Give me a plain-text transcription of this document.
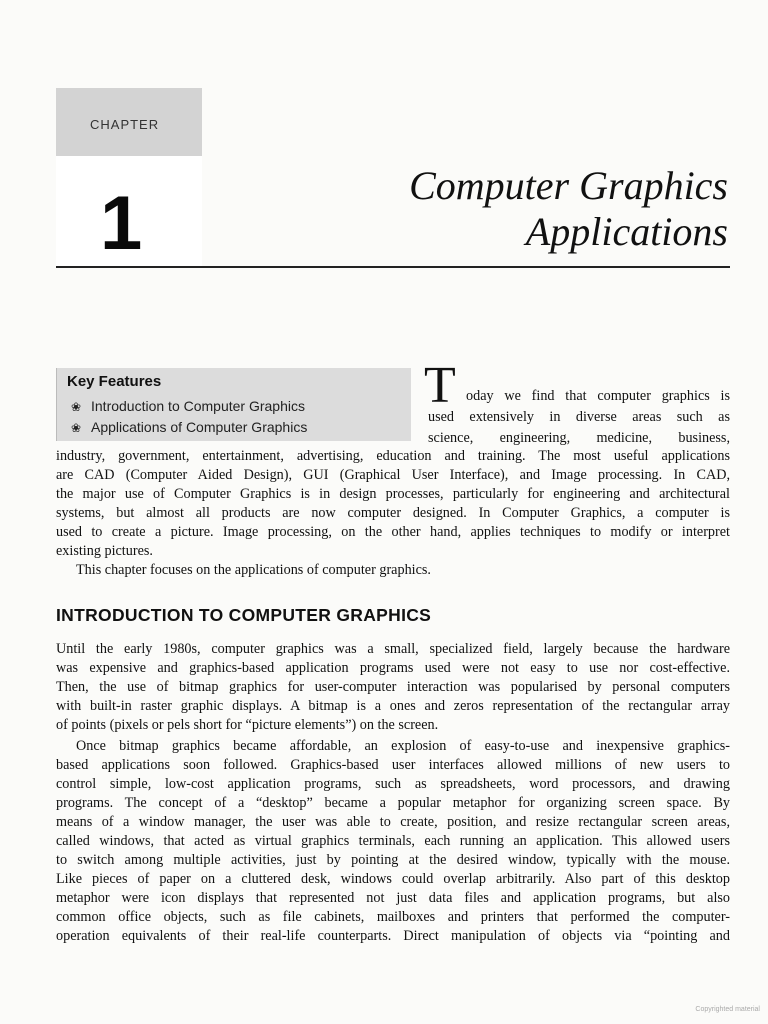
CHAPTER
1	Computer Graphics
Applications
Key Features
❀ Introduction to Computer Graphics
❀ Applications of Computer Graphics
T oday we find that computer graphics is
used extensively in diverse areas such as
science, engineering, medicine, business,
industry, government, entertainment, advertising, education and training. The most useful applications
are CAD (Computer Aided Design), GUI (Graphical User Interface), and Image processing. In CAD,
the major use of Computer Graphics is in design processes, particularly for engineering and architectural
systems, but almost all products are now computer designed. In Computer Graphics, a computer is
used to create a picture. Image processing, on the other hand, applies techniques to modify or interpret
existing pictures.
This chapter focuses on the applications of computer graphics.
INTRODUCTION TO COMPUTER GRAPHICS
Until the early 1980s, computer graphics was a small, specialized field, largely because the hardware
was expensive and graphics-based application programs used were not easy to use nor cost-effective.
Then, the use of bitmap graphics for user-computer interaction was popularised by personal computers
with built-in raster graphic displays. A bitmap is a ones and zeros representation of the rectangular array
of points (pixels or pels short for “picture elements”) on the screen.
Once bitmap graphics became affordable, an explosion of easy-to-use and inexpensive graphics-
based applications soon followed. Graphics-based user interfaces allowed millions of new users to
control simple, low-cost application programs, such as spreadsheets, word processors, and drawing
programs. The concept of a “desktop” became a popular metaphor for organizing screen space. By
means of a window manager, the user was able to create, position, and resize rectangular screen areas,
called windows, that acted as virtual graphics terminals, each running an application. This allowed users
to switch among multiple activities, just by pointing at the desired window, typically with the mouse.
Like pieces of paper on a cluttered desk, windows could overlap arbitrarily. Also part of this desktop
metaphor were icon displays that represented not just data files and application programs, but also
common office objects, such as file cabinets, mailboxes and printers that performed the computer-
operation equivalents of their real-life counterparts. Direct manipulation of objects via “pointing and
Copyrighted material
